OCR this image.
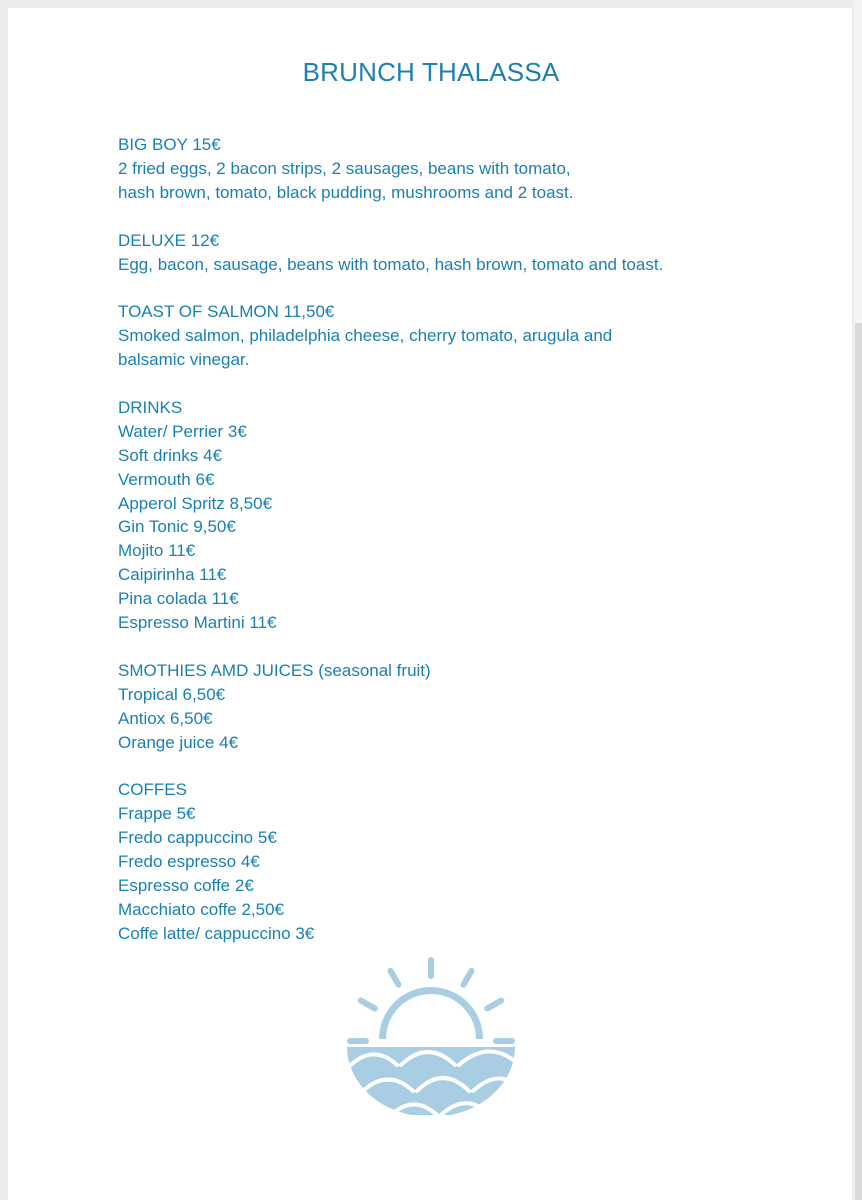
BRUNCH THALASSA
BIG BOY 15€
2 fried eggs, 2 bacon strips, 2 sausages, beans with tomato,
hash brown, tomato, black pudding, mushrooms and 2 toast.
DELUXE 12€
Egg, bacon, sausage, beans with tomato, hash brown, tomato and toast.
TOAST OF SALMON 11,50€
Smoked salmon, philadelphia cheese, cherry tomato, arugula and
balsamic vinegar.
DRINKS
Water/ Perrier 3€
Soft drinks 4€
Vermouth 6€
Apperol Spritz 8,50€
Gin Tonic 9,50€
Mojito 11€
Caipirinha 11€
Pina colada 11€
Espresso Martini 11€
SMOTHIES AMD JUICES (seasonal fruit)
Tropical 6,50€
Antiox 6,50€
Orange juice 4€
COFFES
Frappe 5€
Fredo cappuccino 5€
Fredo espresso 4€
Espresso coffe 2€
Macchiato coffe 2,50€
Coffe latte/ cappuccino 3€
